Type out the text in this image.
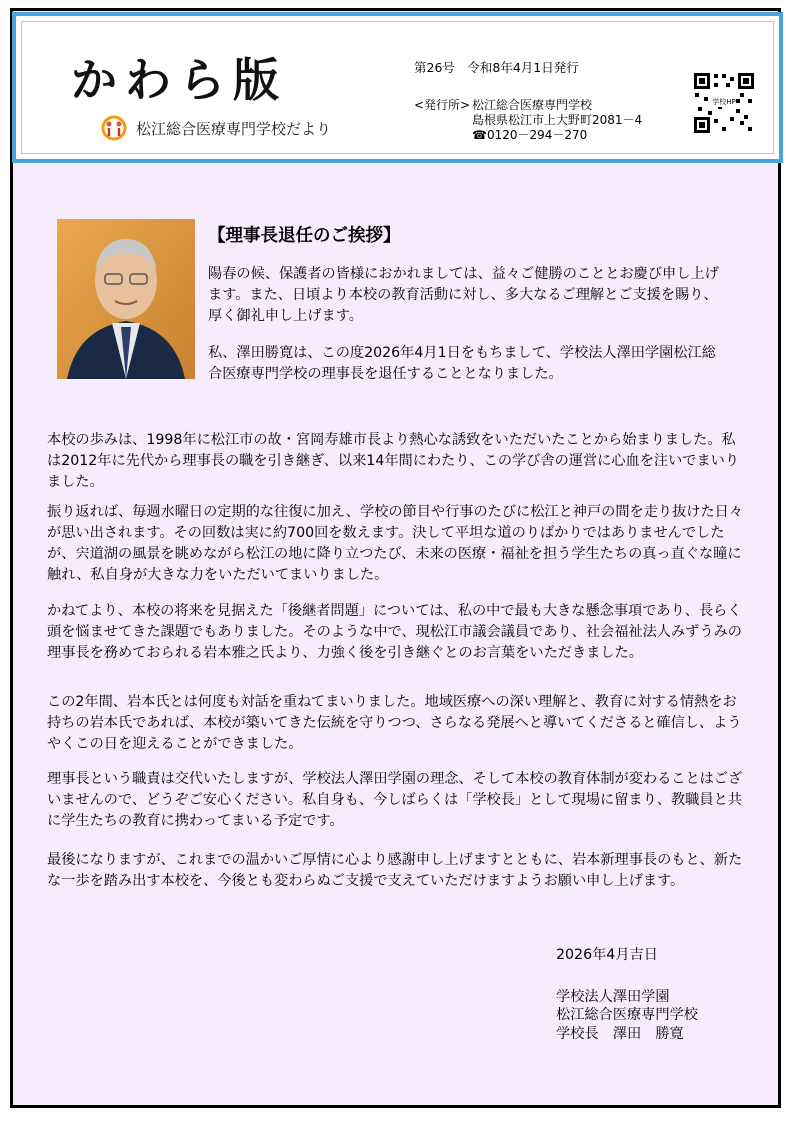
かわら版
松江総合医療専門学校だより
第26号　令和8年4月1日発行
<発行所> 松江総合医療専門学校
島根県松江市上大野町2081－4
☎0120－294－270
学校HP
【理事長退任のご挨拶】

陽春の候、保護者の皆様におかれましては、益々ご健勝のこととお慶び申し上げます。また、日頃より本校の教育活動に対し、多大なるご理解とご支援を賜り、厚く御礼申し上げます。

私、澤田勝寛は、この度2026年4月1日をもちまして、学校法人澤田学園松江総合医療専門学校の理事長を退任することとなりました。

本校の歩みは、1998年に松江市の故・宮岡寿雄市長より熱心な誘致をいただいたことから始まりました。私は2012年に先代から理事長の職を引き継ぎ、以来14年間にわたり、この学び舎の運営に心血を注いでまいりました。

振り返れば、毎週水曜日の定期的な往復に加え、学校の節目や行事のたびに松江と神戸の間を走り抜けた日々が思い出されます。その回数は実に約700回を数えます。決して平坦な道のりばかりではありませんでしたが、宍道湖の風景を眺めながら松江の地に降り立つたび、未来の医療・福祉を担う学生たちの真っ直ぐな瞳に触れ、私自身が大きな力をいただいてまいりました。

かねてより、本校の将来を見据えた「後継者問題」については、私の中で最も大きな懸念事項であり、長らく頭を悩ませてきた課題でもありました。そのような中で、現松江市議会議員であり、社会福祉法人みずうみの理事長を務めておられる岩本雅之氏より、力強く後を引き継ぐとのお言葉をいただきました。

この2年間、岩本氏とは何度も対話を重ねてまいりました。地域医療への深い理解と、教育に対する情熱をお持ちの岩本氏であれば、本校が築いてきた伝統を守りつつ、さらなる発展へと導いてくださると確信し、ようやくこの日を迎えることができました。

理事長という職責は交代いたしますが、学校法人澤田学園の理念、そして本校の教育体制が変わることはございませんので、どうぞご安心ください。私自身も、今しばらくは「学校長」として現場に留まり、教職員と共に学生たちの教育に携わってまいる予定です。

最後になりますが、これまでの温かいご厚情に心より感謝申し上げますとともに、岩本新理事長のもと、新たな一歩を踏み出す本校を、今後とも変わらぬご支援で支えていただけますようお願い申し上げます。

2026年4月吉日
学校法人澤田学園
松江総合医療専門学校
学校長　澤田　勝寛
